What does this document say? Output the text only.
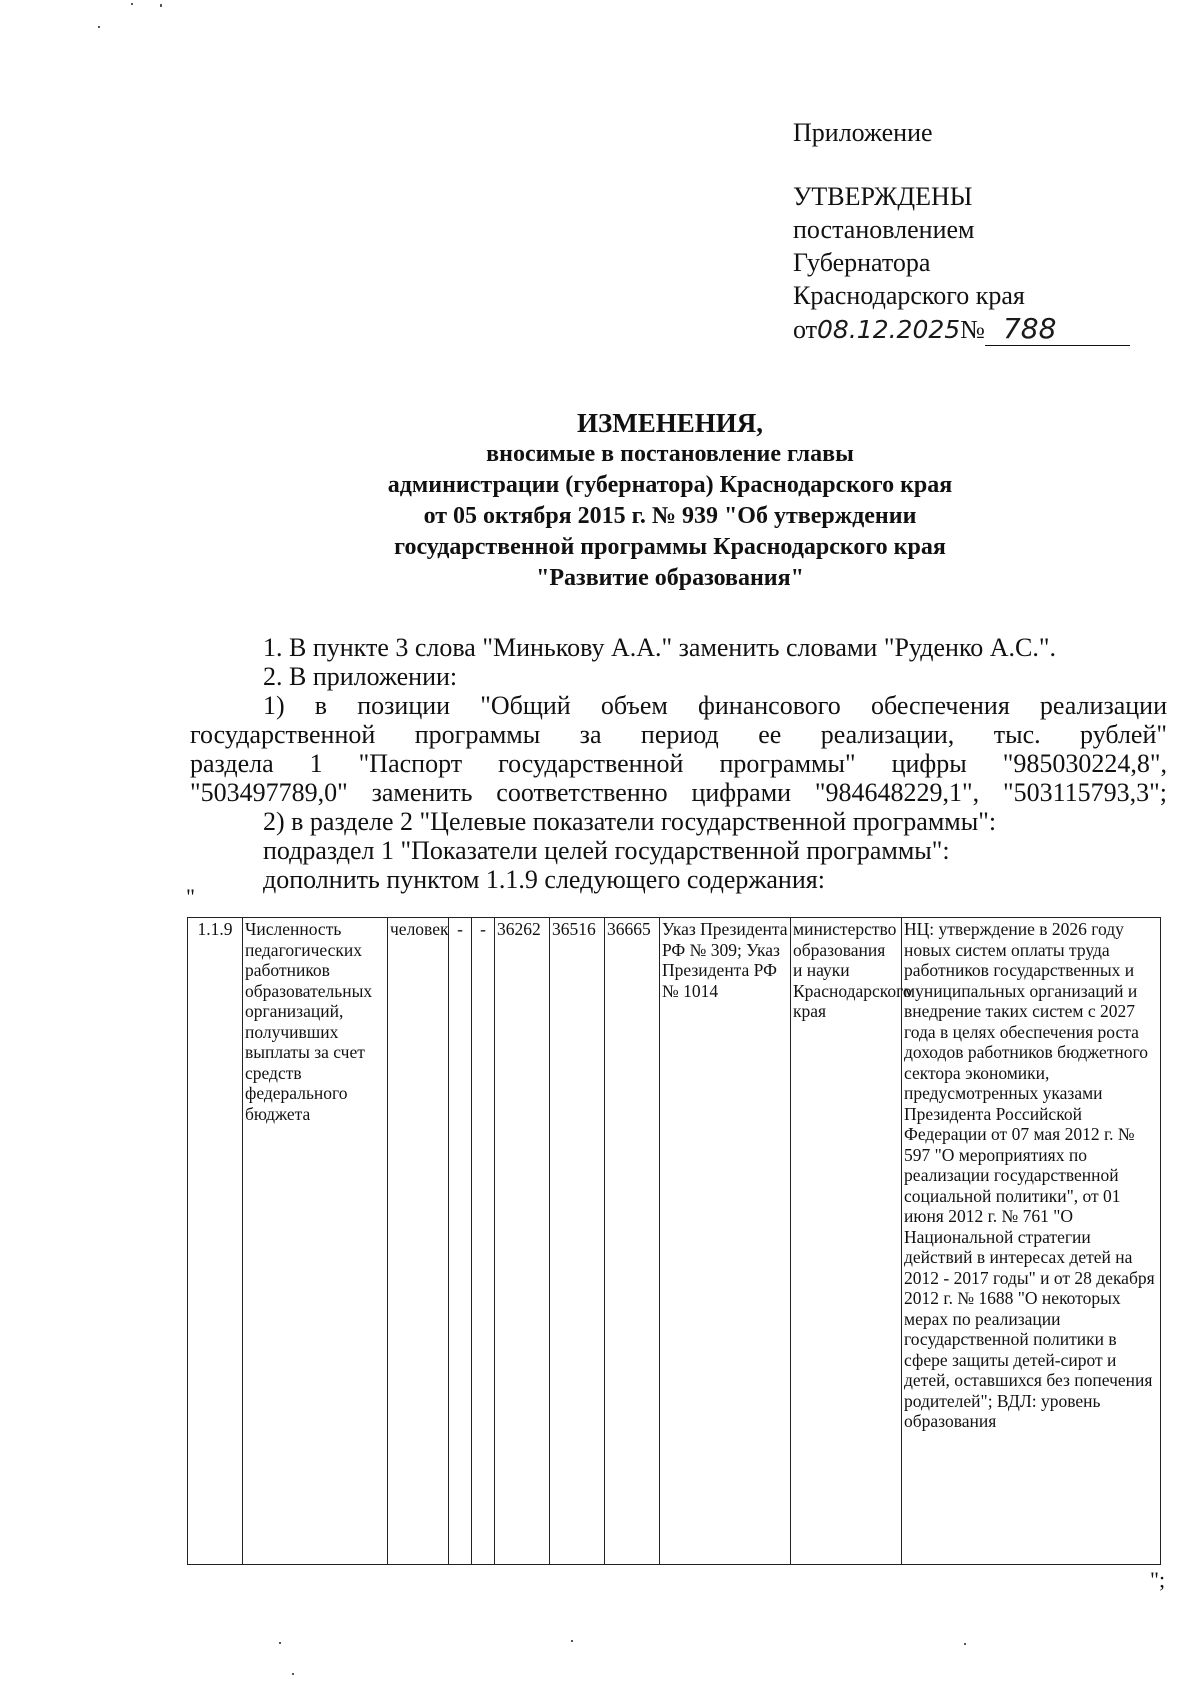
Приложение
УТВЕРЖДЕНЫ
постановлением
Губернатора
Краснодарского края
от 08.12.2025 № 788
ИЗМЕНЕНИЯ,
вносимые в постановление главы
администрации (губернатора) Краснодарского края
от 05 октября 2015 г. № 939 "Об утверждении
государственной программы Краснодарского края
"Развитие образования"

1. В пункте 3 слова "Минькову А.А." заменить словами "Руденко А.С.".

2. В приложении:

1) в позиции "Общий объем финансового обеспечения реализации

государственной программы за период ее реализации, тыс. рублей"

раздела 1 "Паспорт государственной программы" цифры "985030224,8",

"503497789,0" заменить соответственно цифрами "984648229,1", "503115793,3";

2) в разделе 2 "Целевые показатели государственной программы":

подраздел 1 "Показатели целей государственной программы":

дополнить пунктом 1.1.9 следующего содержания:

"
1.1.9	Численность педагогических работников образовательных организаций, получивших выплаты за счет средств федерального бюджета	человек	-	-	36262	36516	36665	Указ Президента РФ № 309; Указ Президента РФ № 1014	министерство образования и науки Краснодарского края	НЦ: утверждение в 2026 году новых систем оплаты труда работников государственных и муниципальных организаций и внедрение таких систем с 2027 года в целях обеспечения роста доходов работников бюджетного сектора экономики, предусмотренных указами Президента Российской Федерации от 07 мая 2012 г. № 597 "О мероприятиях по реализации государственной социальной политики", от 01 июня 2012 г. № 761 "О Национальной стратегии действий в интересах детей на 2012 - 2017 годы" и от 28 декабря 2012 г. № 1688 "О некоторых мерах по реализации государственной политики в сфере защиты детей-сирот и детей, оставшихся без попечения родителей"; ВДЛ: уровень образования
";
